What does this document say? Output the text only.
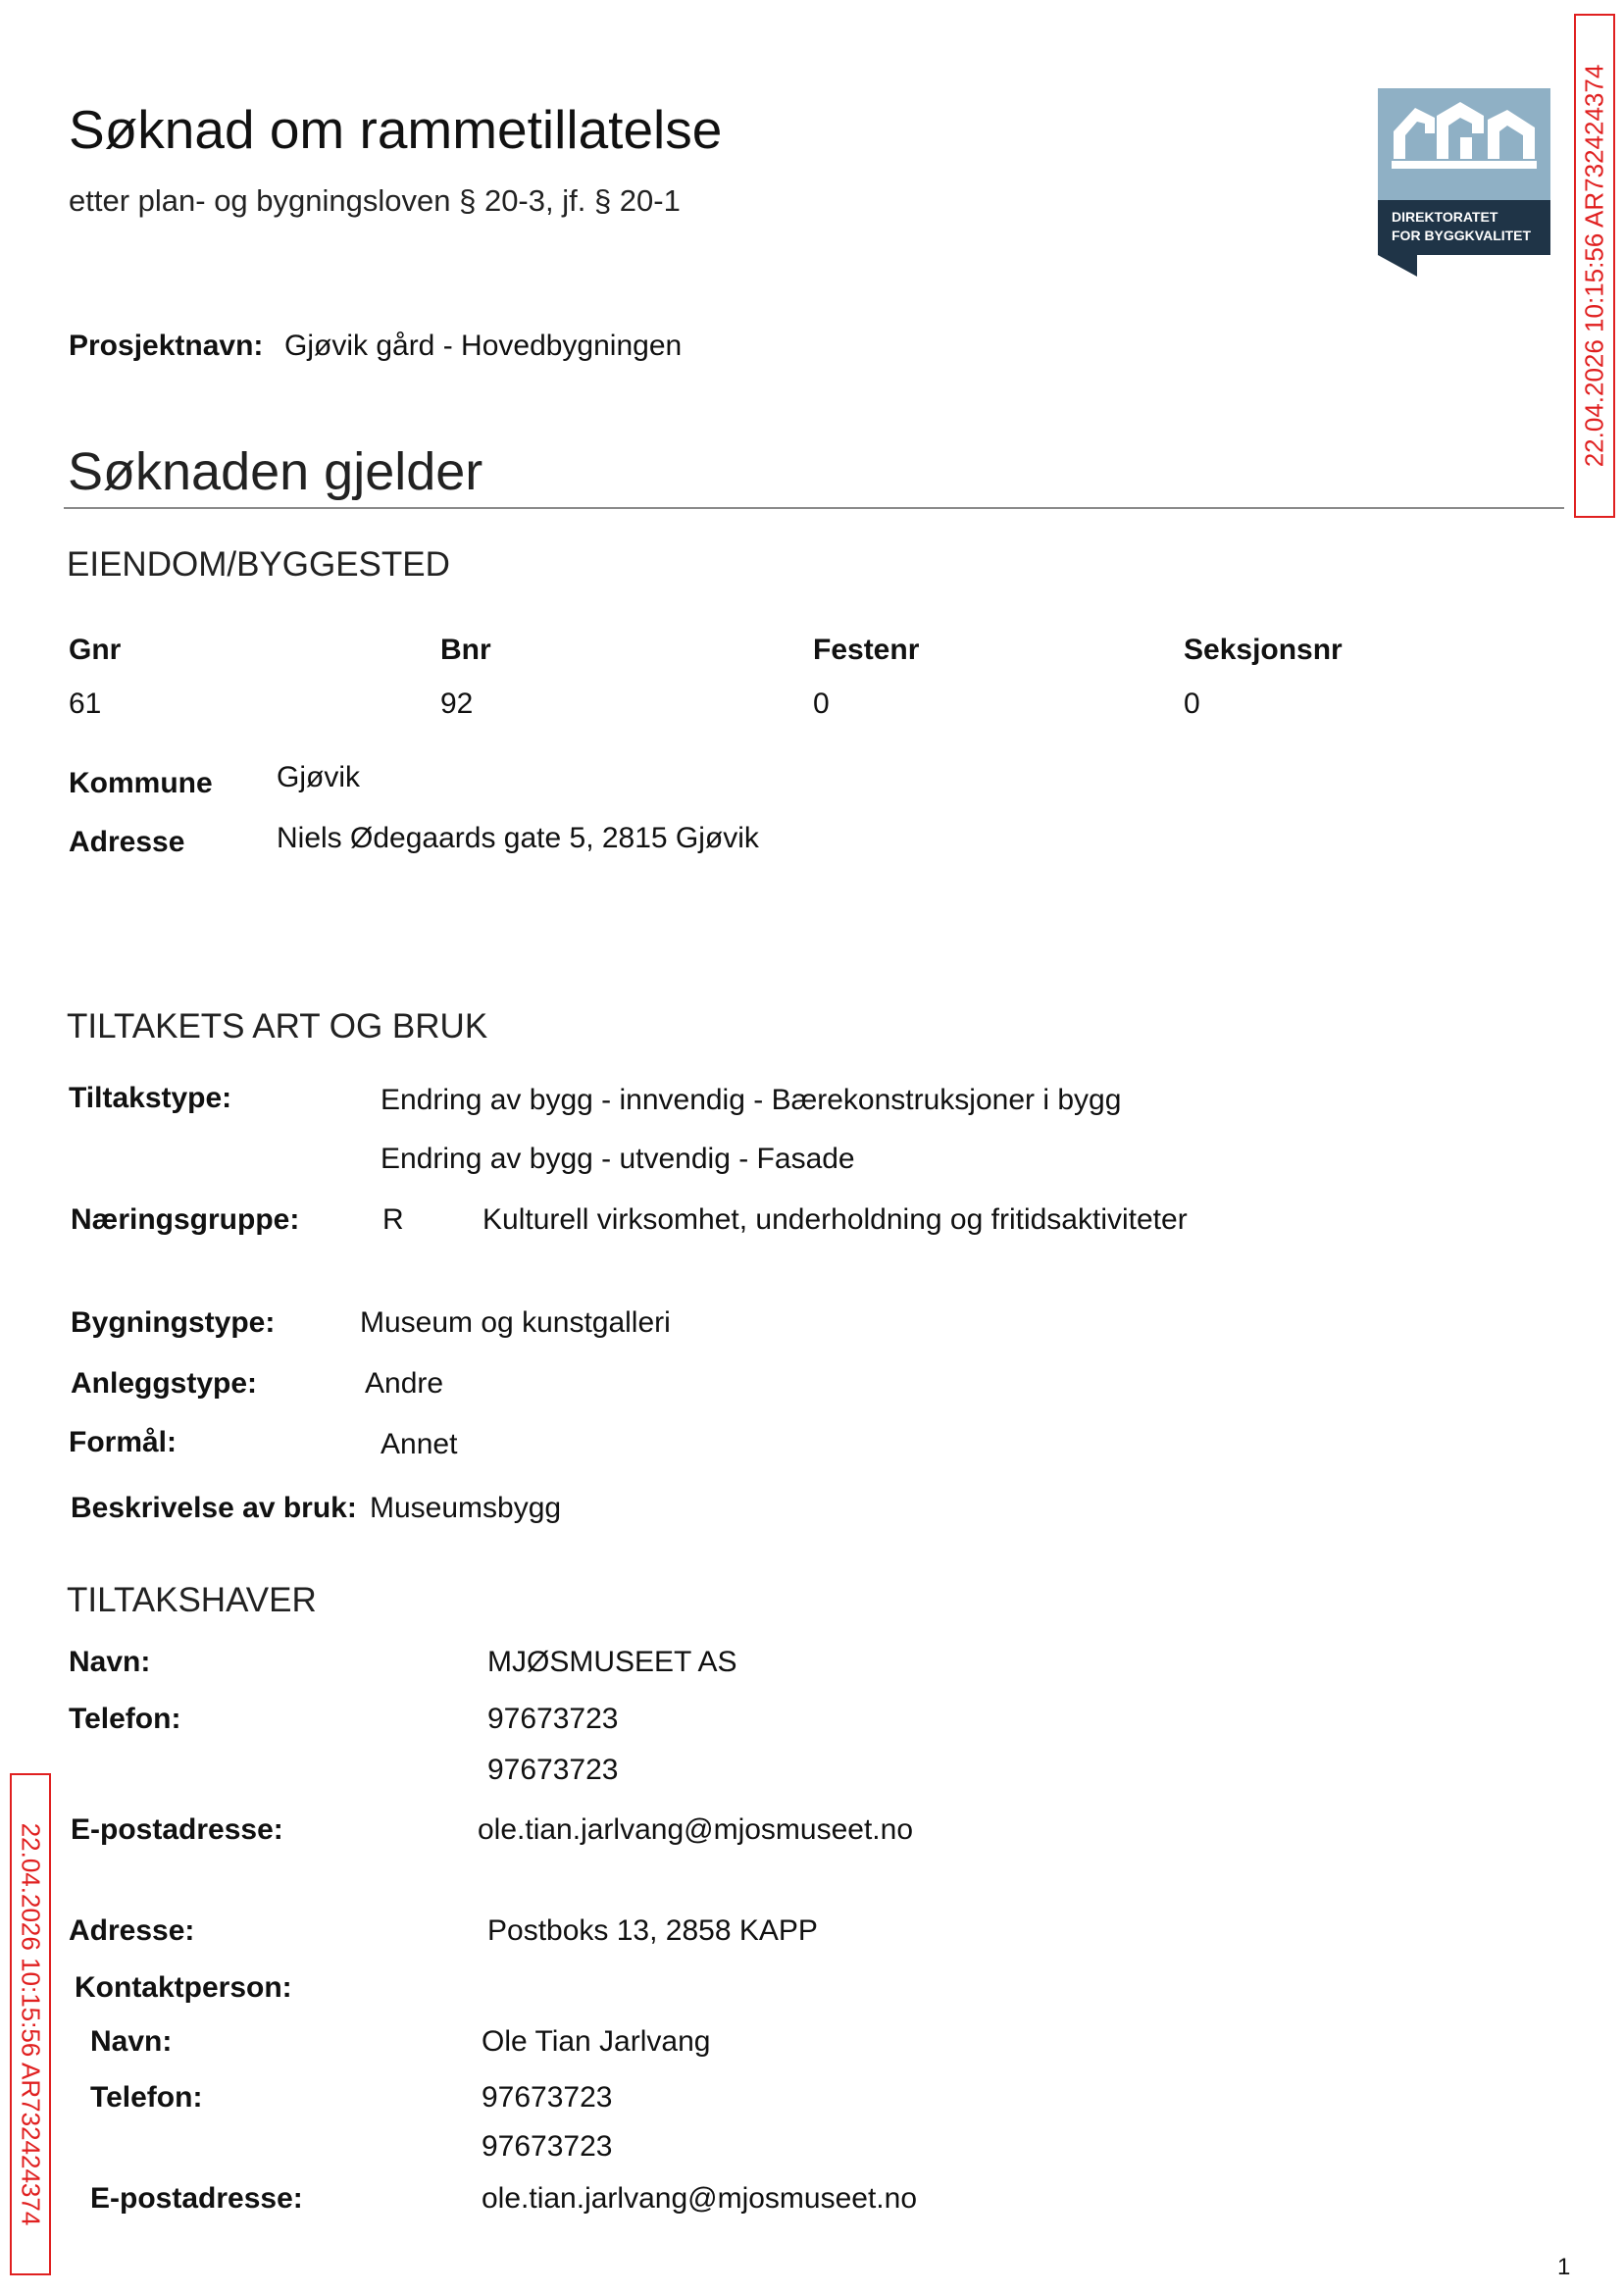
Søknad om rammetillatelse
etter plan- og bygningsloven § 20-3, jf. § 20-1	DIREKTORATET
FOR BYGGKVALITET 22.04.2026 10:15:56 AR732424374
Prosjektnavn: Gjøvik gård - Hovedbygningen
Søknaden gjelder
EIENDOM/BYGGESTED
Gnr	Bnr	Festenr	Seksjonsnr
61	92	0	0
Kommune Gjøvik
Adresse	Niels Ødegaards gate 5, 2815 Gjøvik
TILTAKETS ART OG BRUK
Tiltakstype:	Endring av bygg - innvendig - Bærekonstruksjoner i bygg
Endring av bygg - utvendig - Fasade
Næringsgruppe:	R	Kulturell virksomhet, underholdning og fritidsaktiviteter
Bygningstype:	Museum og kunstgalleri
Anleggstype:	Andre
Formål:	Annet
Beskrivelse av bruk: Museumsbygg
TILTAKSHAVER
Navn:	MJØSMUSEET AS
Telefon:	97673723
97673723
E-postadresse:	ole.tian.jarlvang@mjosmuseet.no
Adresse:	Postboks 13, 2858 KAPP
Kontaktperson:
Navn:	Ole Tian Jarlvang
Telefon:	97673723
97673723
E-postadresse:	ole.tian.jarlvang@mjosmuseet.no
22.04.2026 10:15:56 AR732424374
1
